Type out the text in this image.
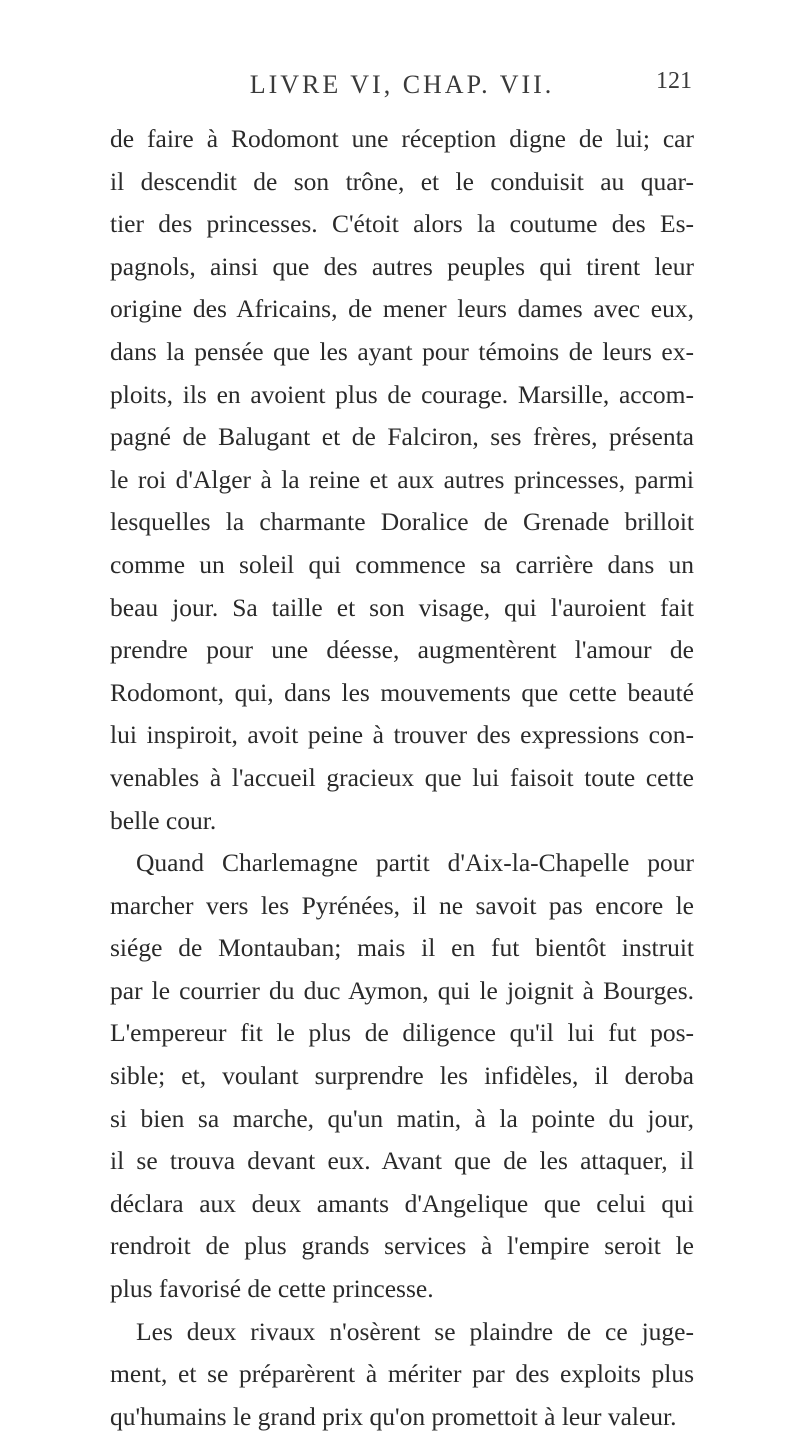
LIVRE VI, CHAP. VII.	121
de faire à Rodomont une réception digne de lui; car
il descendit de son trône, et le conduisit au quar-
tier des princesses. C'étoit alors la coutume des Es-
pagnols, ainsi que des autres peuples qui tirent leur
origine des Africains, de mener leurs dames avec eux,
dans la pensée que les ayant pour témoins de leurs ex-
ploits, ils en avoient plus de courage. Marsille, accom-
pagné de Balugant et de Falciron, ses frères, présenta
le roi d'Alger à la reine et aux autres princesses, parmi
lesquelles la charmante Doralice de Grenade brilloit
comme un soleil qui commence sa carrière dans un
beau jour. Sa taille et son visage, qui l'auroient fait
prendre pour une déesse, augmentèrent l'amour de
Rodomont, qui, dans les mouvements que cette beauté
lui inspiroit, avoit peine à trouver des expressions con-
venables à l'accueil gracieux que lui faisoit toute cette
belle cour.
Quand Charlemagne partit d'Aix-la-Chapelle pour
marcher vers les Pyrénées, il ne savoit pas encore le
siége de Montauban; mais il en fut bientôt instruit
par le courrier du duc Aymon, qui le joignit à Bourges.
L'empereur fit le plus de diligence qu'il lui fut pos-
sible; et, voulant surprendre les infidèles, il deroba
si bien sa marche, qu'un matin, à la pointe du jour,
il se trouva devant eux. Avant que de les attaquer, il
déclara aux deux amants d'Angelique que celui qui
rendroit de plus grands services à l'empire seroit le
plus favorisé de cette princesse.
Les deux rivaux n'osèrent se plaindre de ce juge-
ment, et se préparèrent à mériter par des exploits plus
qu'humains le grand prix qu'on promettoit à leur valeur.
